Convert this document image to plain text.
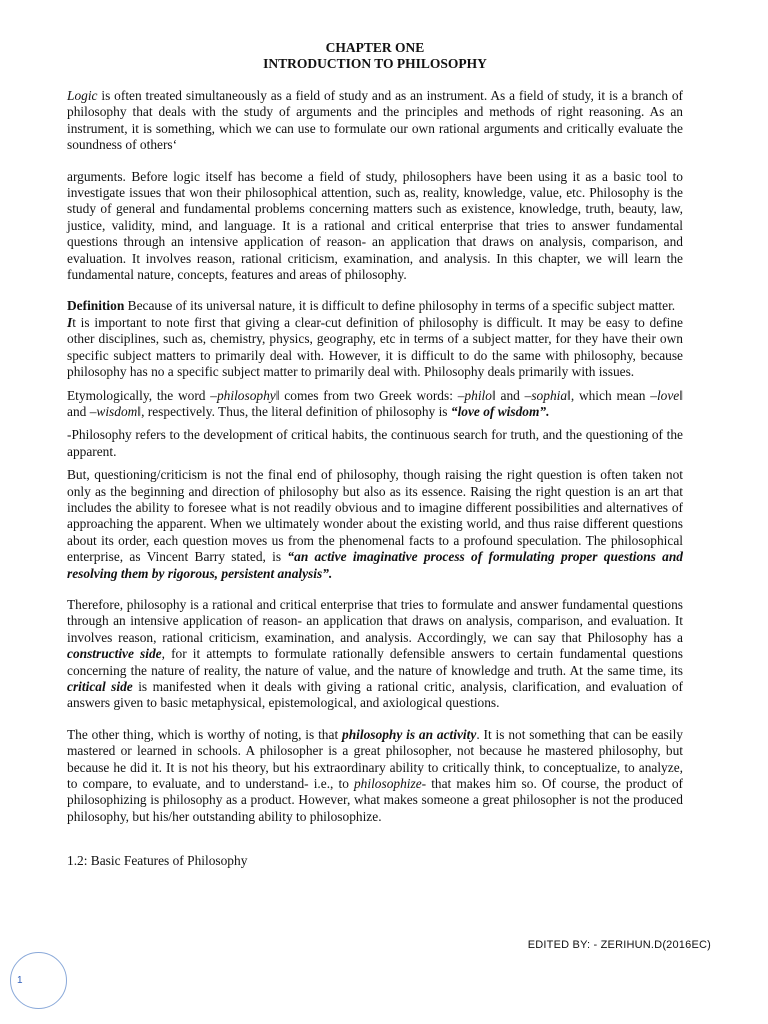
CHAPTER ONE
INTRODUCTION TO PHILOSOPHY

Logic is often treated simultaneously as a field of study and as an instrument. As a field of study, it is a branch of     philosophy that deals with the study of arguments and the principles and methods of right reasoning. As an instrument, it is something, which we can use to formulate our own rational arguments and critically evaluate the soundness of others‘

arguments. Before logic itself has become a field of study, philosophers have been using it as a basic tool to investigate issues that won their philosophical attention, such as, reality, knowledge, value, etc. Philosophy is the study of general and fundamental problems concerning matters such as existence, knowledge, truth, beauty, law, justice, validity, mind, and language. It is a rational and critical enterprise that tries to answer fundamental questions through an intensive application of reason- an application that draws on analysis, comparison, and evaluation. It involves reason, rational criticism, examination, and analysis. In this chapter, we will learn the fundamental nature, concepts, features and areas of philosophy.

Definition Because of its universal nature, it is difficult to define philosophy in terms of a specific subject matter.

It is important to note first that giving a clear-cut definition of philosophy is difficult. It may be easy to define other disciplines, such as, chemistry, physics, geography, etc in terms of a subject matter, for they have their own specific subject matters to primarily deal with. However, it is difficult to do the same with philosophy, because philosophy has no a specific subject matter to primarily deal with. Philosophy deals primarily with issues.

Etymologically, the word –philosophy‖ comes from two Greek words: –philo‖ and –sophia‖, which mean –love‖ and –wisdom‖, respectively. Thus, the literal definition of philosophy is “love of wisdom”.

-Philosophy refers to the development of critical habits, the continuous search for truth, and the questioning of the apparent.

But, questioning/criticism is not the final end of philosophy, though raising the right question is often taken not only as the beginning and direction of philosophy but also as its essence. Raising the right question is an art that includes the ability to foresee what is not readily obvious and to imagine different possibilities and alternatives of approaching the apparent. When we ultimately wonder about the existing world, and thus raise different questions about its order, each question moves us from the phenomenal facts to a profound speculation. The philosophical enterprise, as Vincent Barry stated, is “an active imaginative process of formulating proper questions and resolving them by rigorous, persistent analysis”.

Therefore, philosophy is a rational and critical enterprise that tries to formulate and answer fundamental questions through an intensive application of reason- an application that draws on analysis, comparison, and evaluation. It involves reason, rational criticism, examination, and analysis. Accordingly, we can say that Philosophy has a constructive side, for it attempts to formulate rationally defensible answers to certain fundamental questions concerning the nature of reality, the nature of value, and the nature of knowledge and truth. At the same time, its critical side is manifested when it deals with giving a rational critic, analysis, clarification, and evaluation of answers given to basic metaphysical, epistemological, and axiological questions.

The other thing, which is worthy of noting, is that philosophy is an activity. It is not something that can be easily mastered or learned in schools. A philosopher is a great philosopher, not because he mastered philosophy, but because he did it. It is not his theory, but his extraordinary ability to critically think, to conceptualize, to analyze, to compare, to evaluate, and to understand- i.e., to philosophize- that makes him so. Of course, the product of philosophizing is philosophy as a product. However, what makes someone a great philosopher is not the produced philosophy, but his/her outstanding ability to philosophize.

1.2: Basic Features of Philosophy

EDITED BY: - ZERIHUN.D(2016EC)
1
